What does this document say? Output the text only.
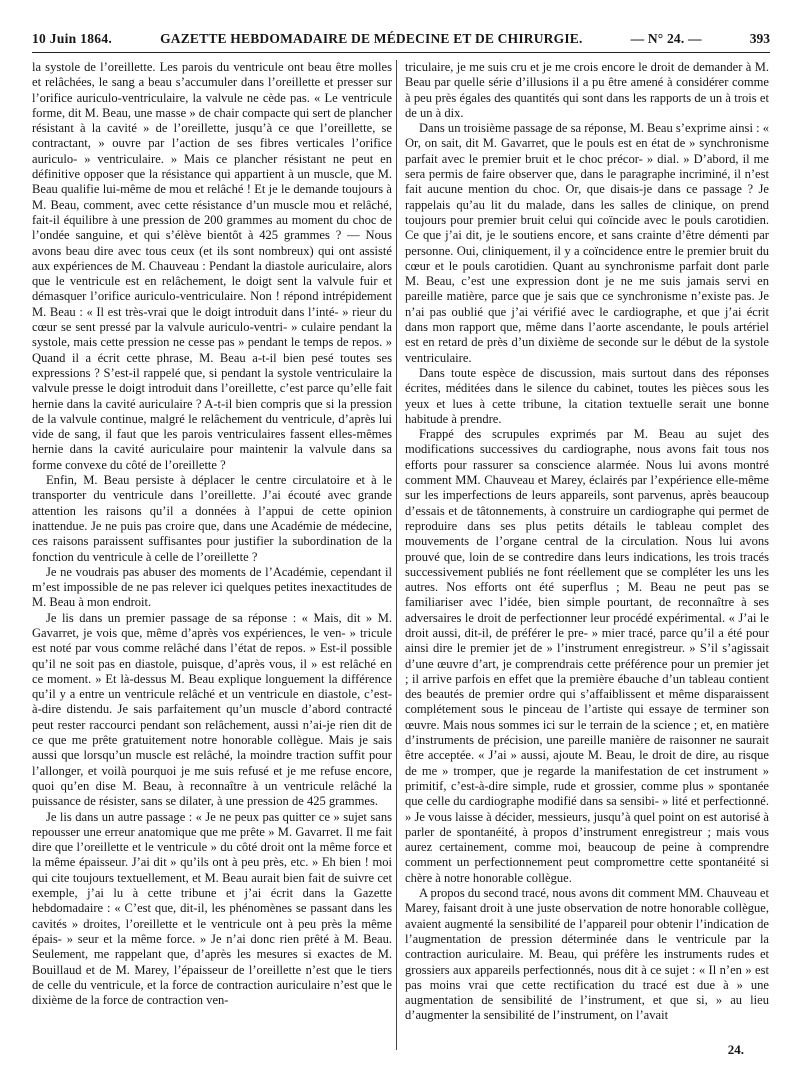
10 Juin 1864.	GAZETTE HEBDOMADAIRE DE MÉDECINE ET DE CHIRURGIE.	— N° 24. —	393

la systole de l’oreillette. Les parois du ventricule ont beau être molles et relâchées, le sang a beau s’accumuler dans l’oreillette et presser sur l’orifice auriculo-ventriculaire, la valvule ne cède pas. « Le ventricule forme, dit M. Beau, une masse » de chair compacte qui sert de plancher résistant à la cavité » de l’oreillette, jusqu’à ce que l’oreillette, se contractant, » ouvre par l’action de ses fibres verticales l’orifice auriculo- » ventriculaire. » Mais ce plancher résistant ne peut en définitive opposer que la résistance qui appartient à un muscle, que M. Beau qualifie lui-même de mou et relâché ! Et je le demande toujours à M. Beau, comment, avec cette résistance d’un muscle mou et relâché, fait-il équilibre à une pression de 200 grammes au moment du choc de l’ondée sanguine, et qui s’élève bientôt à 425 grammes ? — Nous avons beau dire avec tous ceux (et ils sont nombreux) qui ont assisté aux expériences de M. Chauveau : Pendant la diastole auriculaire, alors que le ventricule est en relâchement, le doigt sent la valvule fuir et démasquer l’orifice auriculo-ventriculaire. Non ! répond intrépidement M. Beau : « Il est très-vrai que le doigt introduit dans l’inté- » rieur du cœur se sent pressé par la valvule auriculo-ventri- » culaire pendant la systole, mais cette pression ne cesse pas » pendant le temps de repos. » Quand il a écrit cette phrase, M. Beau a-t-il bien pesé toutes ses expressions ? S’est-il rappelé que, si pendant la systole ventriculaire la valvule presse le doigt introduit dans l’oreillette, c’est parce qu’elle fait hernie dans la cavité auriculaire ? A-t-il bien compris que si la pression de la valvule continue, malgré le relâchement du ventricule, d’après lui vide de sang, il faut que les parois ventriculaires fassent elles-mêmes hernie dans la cavité auriculaire pour maintenir la valvule dans sa forme convexe du côté de l’oreillette ?

Enfin, M. Beau persiste à déplacer le centre circulatoire et à le transporter du ventricule dans l’oreillette. J’ai écouté avec grande attention les raisons qu’il a données à l’appui de cette opinion inattendue. Je ne puis pas croire que, dans une Académie de médecine, ces raisons paraissent suffisantes pour justifier la subordination de la fonction du ventricule à celle de l’oreillette ?

Je ne voudrais pas abuser des moments de l’Académie, cependant il m’est impossible de ne pas relever ici quelques petites inexactitudes de M. Beau à mon endroit.

Je lis dans un premier passage de sa réponse : « Mais, dit » M. Gavarret, je vois que, même d’après vos expériences, le ven- » tricule est noté par vous comme relâché dans l’état de repos. » Est-il possible qu’il ne soit pas en diastole, puisque, d’après vous, il » est relâché en ce moment. » Et là-dessus M. Beau explique longuement la différence qu’il y a entre un ventricule relâché et un ventricule en diastole, c’est-à-dire distendu. Je sais parfaitement qu’un muscle d’abord contracté peut rester raccourci pendant son relâchement, aussi n’ai-je rien dit de ce que me prête gratuitement notre honorable collègue. Mais je sais aussi que lorsqu’un muscle est relâché, la moindre traction suffit pour l’allonger, et voilà pourquoi je me suis refusé et je me refuse encore, quoi qu’en dise M. Beau, à reconnaître à un ventricule relâché la puissance de résister, sans se dilater, à une pression de 425 grammes.

Je lis dans un autre passage : « Je ne peux pas quitter ce » sujet sans repousser une erreur anatomique que me prête » M. Gavarret. Il me fait dire que l’oreillette et le ventricule » du côté droit ont la même force et la même épaisseur. J’ai dit » qu’ils ont à peu près, etc. » Eh bien ! moi qui cite toujours textuellement, et M. Beau aurait bien fait de suivre cet exemple, j’ai lu à cette tribune et j’ai écrit dans la Gazette hebdomadaire : « C’est que, dit-il, les phénomènes se passant dans les cavités » droites, l’oreillette et le ventricule ont à peu près la même épais- » seur et la même force. » Je n’ai donc rien prêté à M. Beau. Seulement, me rappelant que, d’après les mesures si exactes de M. Bouillaud et de M. Marey, l’épaisseur de l’oreillette n’est que le tiers de celle du ventricule, et la force de contraction auriculaire n’est que le dixième de la force de contraction ven-

triculaire, je me suis cru et je me crois encore le droit de demander à M. Beau par quelle série d’illusions il a pu être amené à considérer comme à peu près égales des quantités qui sont dans les rapports de un à trois et de un à dix.

Dans un troisième passage de sa réponse, M. Beau s’exprime ainsi : « Or, on sait, dit M. Gavarret, que le pouls est en état de » synchronisme parfait avec le premier bruit et le choc précor- » dial. » D’abord, il me sera permis de faire observer que, dans le paragraphe incriminé, il n’est fait aucune mention du choc. Or, que disais-je dans ce passage ? Je rappelais qu’au lit du malade, dans les salles de clinique, on prend toujours pour premier bruit celui qui coïncide avec le pouls carotidien. Ce que j’ai dit, je le soutiens encore, et sans crainte d’être démenti par personne. Oui, cliniquement, il y a coïncidence entre le premier bruit du cœur et le pouls carotidien. Quant au synchronisme parfait dont parle M. Beau, c’est une expression dont je ne me suis jamais servi en pareille matière, parce que je sais que ce synchronisme n’existe pas. Je n’ai pas oublié que j’ai vérifié avec le cardiographe, et que j’ai écrit dans mon rapport que, même dans l’aorte ascendante, le pouls artériel est en retard de près d’un dixième de seconde sur le début de la systole ventriculaire.

Dans toute espèce de discussion, mais surtout dans des réponses écrites, méditées dans le silence du cabinet, toutes les pièces sous les yeux et lues à cette tribune, la citation textuelle serait une bonne habitude à prendre.

Frappé des scrupules exprimés par M. Beau au sujet des modifications successives du cardiographe, nous avons fait tous nos efforts pour rassurer sa conscience alarmée. Nous lui avons montré comment MM. Chauveau et Marey, éclairés par l’expérience elle-même sur les imperfections de leurs appareils, sont parvenus, après beaucoup d’essais et de tâtonnements, à construire un cardiographe qui permet de reproduire dans ses plus petits détails le tableau complet des mouvements de l’organe central de la circulation. Nous lui avons prouvé que, loin de se contredire dans leurs indications, les trois tracés successivement publiés ne font réellement que se compléter les uns les autres. Nos efforts ont été superflus ; M. Beau ne peut pas se familiariser avec l’idée, bien simple pourtant, de reconnaître à ses adversaires le droit de perfectionner leur procédé expérimental. « J’ai le droit aussi, dit-il, de préférer le pre- » mier tracé, parce qu’il a été pour ainsi dire le premier jet de » l’instrument enregistreur. » S’il s’agissait d’une œuvre d’art, je comprendrais cette préférence pour un premier jet ; il arrive parfois en effet que la première ébauche d’un tableau contient des beautés de premier ordre qui s’affaiblissent et même disparaissent complétement sous le pinceau de l’artiste qui essaye de terminer son œuvre. Mais nous sommes ici sur le terrain de la science ; et, en matière d’instruments de précision, une pareille manière de raisonner ne saurait être acceptée. « J’ai » aussi, ajoute M. Beau, le droit de dire, au risque de me » tromper, que je regarde la manifestation de cet instrument » primitif, c’est-à-dire simple, rude et grossier, comme plus » spontanée que celle du cardiographe modifié dans sa sensibi- » lité et perfectionné. » Je vous laisse à décider, messieurs, jusqu’à quel point on est autorisé à parler de spontanéité, à propos d’instrument enregistreur ; mais vous aurez certainement, comme moi, beaucoup de peine à comprendre comment un perfectionnement peut compromettre cette spontanéité si chère à notre honorable collègue.

A propos du second tracé, nous avons dit comment MM. Chauveau et Marey, faisant droit à une juste observation de notre honorable collègue, avaient augmenté la sensibilité de l’appareil pour obtenir l’indication de l’augmentation de pression déterminée dans le ventricule par la contraction auriculaire. M. Beau, qui préfère les instruments rudes et grossiers aux appareils perfectionnés, nous dit à ce sujet : « Il n’en » est pas moins vrai que cette rectification du tracé est due à » une augmentation de sensibilité de l’instrument, et que si, » au lieu d’augmenter la sensibilité de l’instrument, on l’avait

24.
